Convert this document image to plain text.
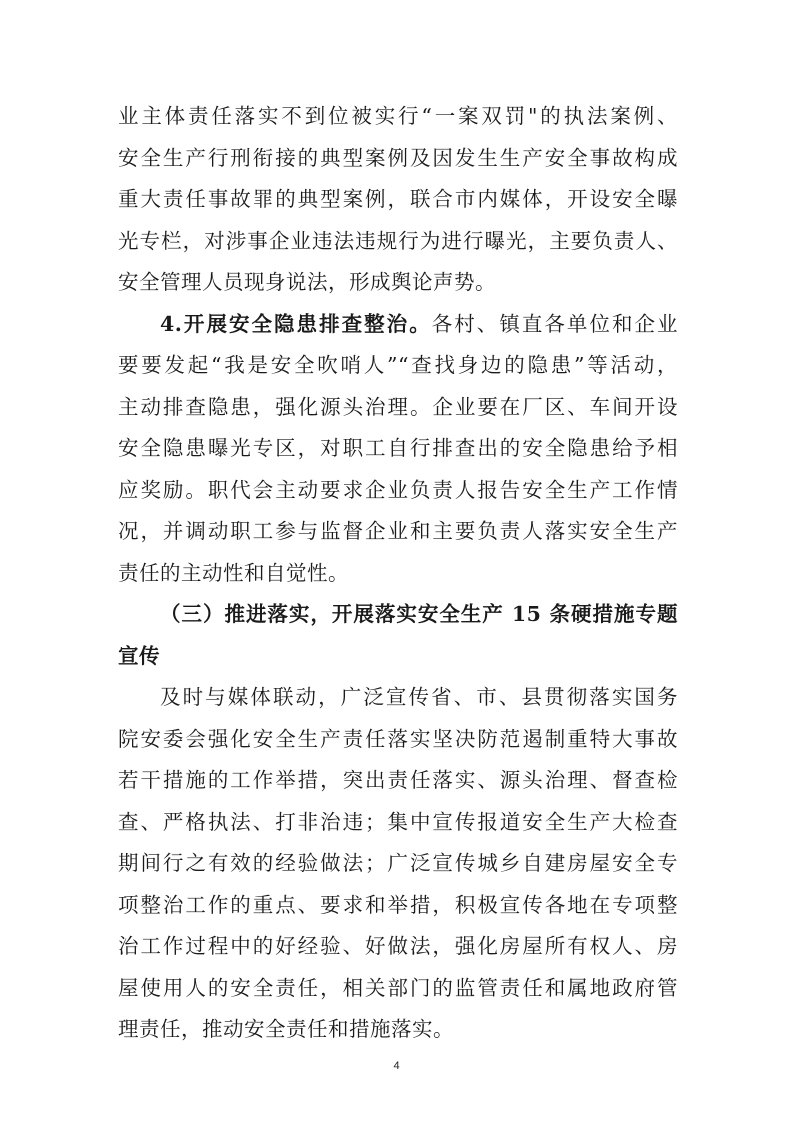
业主体责任落实不到位被实行“一案双罚"的执法案例、
安全生产行刑衔接的典型案例及因发生生产安全事故构成
重大责任事故罪的典型案例，联合市内媒体，开设安全曝
光专栏，对涉事企业违法违规行为进行曝光，主要负责人、
安全管理人员现身说法，形成舆论声势。
4.开展安全隐患排查整治。各村、镇直各单位和企业
要要发起“我是安全吹哨人”“查找身边的隐患”等活动，
主动排查隐患，强化源头治理。企业要在厂区、车间开设
安全隐患曝光专区，对职工自行排查出的安全隐患给予相
应奖励。职代会主动要求企业负责人报告安全生产工作情
况，并调动职工参与监督企业和主要负责人落实安全生产
责任的主动性和自觉性。
（三）推进落实，开展落实安全生产 15 条硬措施专题
宣传
及时与媒体联动，广泛宣传省、市、县贯彻落实国务
院安委会强化安全生产责任落实坚决防范遏制重特大事故
若干措施的工作举措，突出责任落实、源头治理、督查检
查、严格执法、打非治违；集中宣传报道安全生产大检查
期间行之有效的经验做法；广泛宣传城乡自建房屋安全专
项整治工作的重点、要求和举措，积极宣传各地在专项整
治工作过程中的好经验、好做法，强化房屋所有权人、房
屋使用人的安全责任，相关部门的监管责任和属地政府管
理责任，推动安全责任和措施落实。
4
